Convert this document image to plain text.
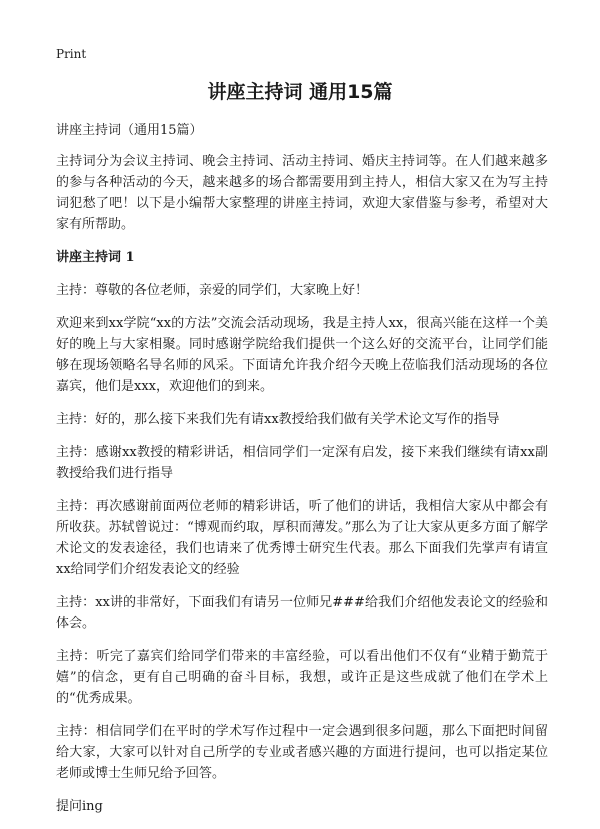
Print
讲座主持词 通用15篇

讲座主持词（通用15篇）

主持词分为会议主持词、晚会主持词、活动主持词、婚庆主持词等。在人们越来越多的参与各种活动的今天，越来越多的场合都需要用到主持人，相信大家又在为写主持词犯愁了吧！以下是小编帮大家整理的讲座主持词，欢迎大家借鉴与参考，希望对大家有所帮助。

讲座主持词 1

主持：尊敬的各位老师，亲爱的同学们，大家晚上好！

欢迎来到xx学院“xx的方法”交流会活动现场，我是主持人xx，很高兴能在这样一个美好的晚上与大家相聚。同时感谢学院给我们提供一个这么好的交流平台，让同学们能够在现场领略名导名师的风采。下面请允许我介绍今天晚上莅临我们活动现场的各位嘉宾，他们是xxx，欢迎他们的到来。

主持：好的，那么接下来我们先有请xx教授给我们做有关学术论文写作的指导

主持：感谢xx教授的精彩讲话，相信同学们一定深有启发，接下来我们继续有请xx副教授给我们进行指导

主持：再次感谢前面两位老师的精彩讲话，听了他们的讲话，我相信大家从中都会有所收获。苏轼曾说过：“博观而约取，厚积而薄发。”那么为了让大家从更多方面了解学术论文的发表途径，我们也请来了优秀博士研究生代表。那么下面我们先掌声有请宣xx给同学们介绍发表论文的经验

主持：xx讲的非常好，下面我们有请另一位师兄###给我们介绍他发表论文的经验和体会。

主持：听完了嘉宾们给同学们带来的丰富经验，可以看出他们不仅有“业精于勤荒于嬉”的信念，更有自己明确的奋斗目标，我想，或许正是这些成就了他们在学术上的“优秀成果。

主持：相信同学们在平时的学术写作过程中一定会遇到很多问题，那么下面把时间留给大家，大家可以针对自己所学的专业或者感兴趣的方面进行提问，也可以指定某位老师或博士生师兄给予回答。

提问ing
